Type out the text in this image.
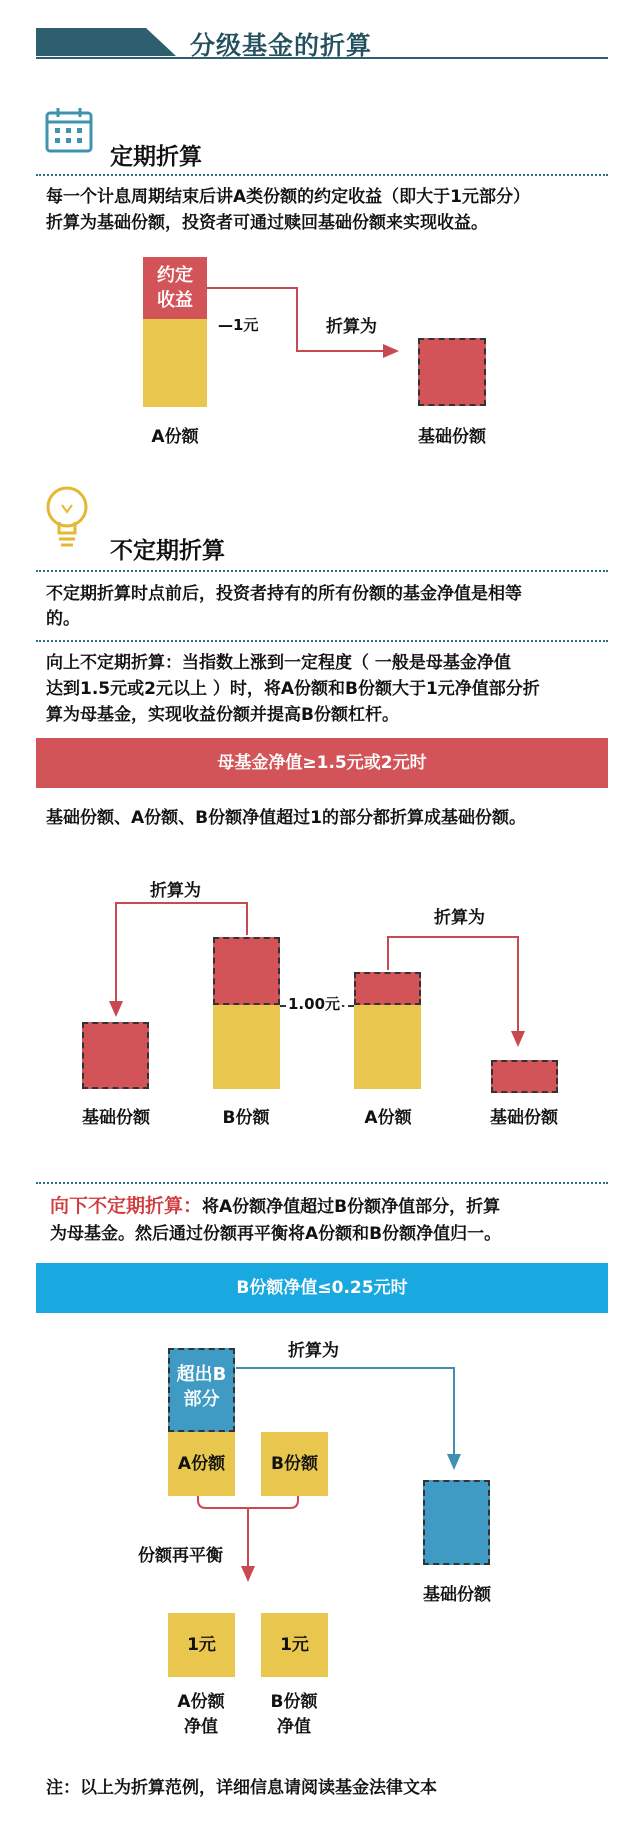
分级基金的折算
定期折算
每一个计息周期结束后讲A类份额的约定收益（即大于1元部分）
折算为基础份额，投资者可通过赎回基础份额来实现收益。
约定
收益
—1元	折算为
A份额	基础份额
不定期折算
不定期折算时点前后，投资者持有的所有份额的基金净值是相等
的。
向上不定期折算：当指数上涨到一定程度（ 一般是母基金净值
达到1.5元或2元以上 ）时，将A份额和B份额大于1元净值部分折
算为母基金，实现收益份额并提高B份额杠杆。
母基金净值≥1.5元或2元时
基础份额、A份额、B份额净值超过1的部分都折算成基础份额。
折算为
折算为
1.00元
基础份额	B份额	A份额	基础份额
向下不定期折算：将A份额净值超过B份额净值部分，折算
为母基金。然后通过份额再平衡将A份额和B份额净值归一。
B份额净值≤0.25元时
折算为
超出B
部分
A份额	B份额
基础份额
份额再平衡
1元	1元
A份额
净值
B份额
净值
注：以上为折算范例，详细信息请阅读基金法律文本
